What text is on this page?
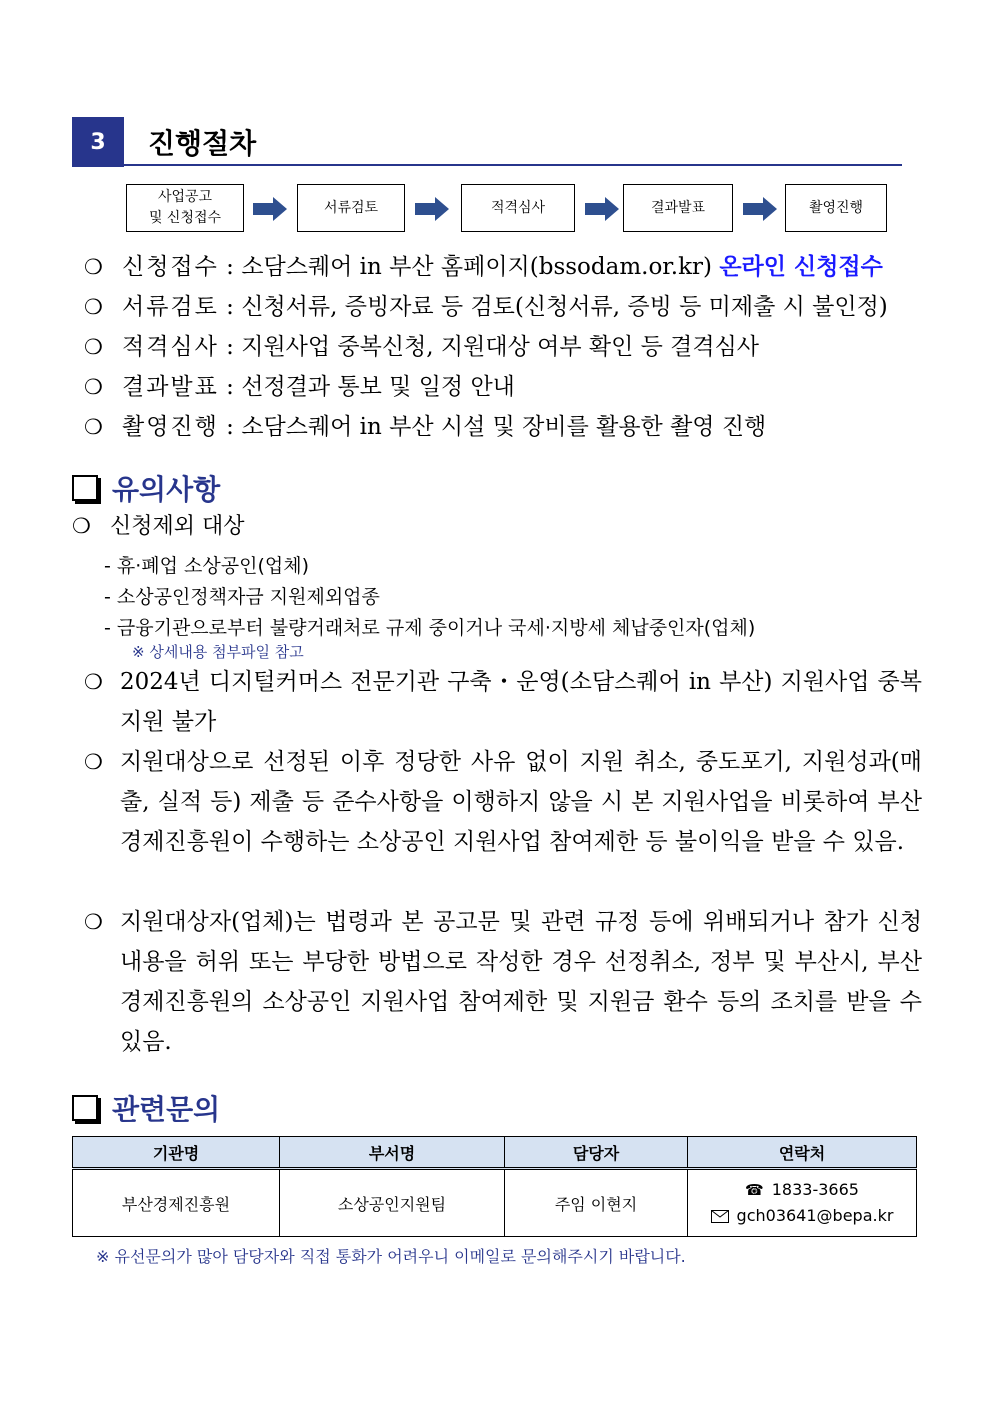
3	진행절차
사업공고
및 신청접수
서류검토	적격심사	결과발표	촬영진행
❍ 신청접수 : 소담스퀘어 in 부산 홈페이지(bssodam.or.kr) 온라인 신청접수
❍ 서류검토 : 신청서류, 증빙자료 등 검토(신청서류, 증빙 등 미제출 시 불인정)
❍ 적격심사 : 지원사업 중복신청, 지원대상 여부 확인 등 결격심사
❍ 결과발표 : 선정결과 통보 및 일정 안내
❍ 촬영진행 : 소담스퀘어 in 부산 시설 및 장비를 활용한 촬영 진행
유의사항
❍ 신청제외 대상
- 휴·폐업 소상공인(업체)
- 소상공인정책자금 지원제외업종
- 금융기관으로부터 불량거래처로 규제 중이거나 국세·지방세 체납중인자(업체)
※ 상세내용 첨부파일 참고
❍ 2024년 디지털커머스 전문기관 구축・운영(소담스퀘어 in 부산) 지원사업 중복 지원 불가
❍ 지원대상으로 선정된 이후 정당한 사유 없이 지원 취소, 중도포기, 지원성과(매출, 실적 등) 제출 등 준수사항을 이행하지 않을 시 본 지원사업을 비롯하여 부산경제진흥원이 수행하는 소상공인 지원사업 참여제한 등 불이익을 받을 수 있음.
❍ 지원대상자(업체)는 법령과 본 공고문 및 관련 규정 등에 위배되거나 참가 신청 내용을 허위 또는 부당한 방법으로 작성한 경우 선정취소, 정부 및 부산시, 부산경제진흥원의 소상공인 지원사업 참여제한 및 지원금 환수 등의 조치를 받을 수 있음.
관련문의
기관명	부서명	담당자	연락처
부산경제진흥원	소상공인지원팀	주임 이현지	☎ 1833-3665
gch03641@bepa.kr
※ 유선문의가 많아 담당자와 직접 통화가 어려우니 이메일로 문의해주시기 바랍니다.
